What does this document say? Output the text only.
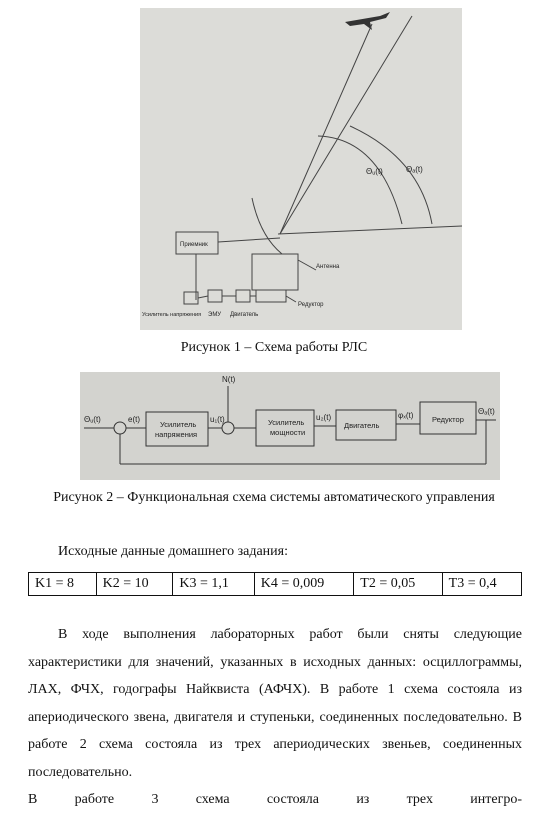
Приемник
Антенна
Усилитель напряжения ЭМУ Двигатель
Редуктор
Θᵤ(t)	Θₐ(t)
Рисунок 1 – Схема работы РЛС
Θᵤ(t)	e(t)
N(t)
u₁(t)	u₂(t)	φₓ(t)	Θₐ(t)
Усилитель
напряжения
Усилитель
мощности
Двигатель
Редуктор
Рисунок 2 – Функциональная схема системы автоматического управления
Исходные данные домашнего задания:
K1 = 8	K2 = 10	K3 = 1,1	K4 = 0,009	T2 = 0,05	T3 = 0,4
В ходе выполнения лабораторных работ были сняты следующие характеристики для значений, указанных в исходных данных: осциллограммы, ЛАХ, ФЧХ, годографы Найквиста (АФЧХ). В работе 1 схема состояла из апериодического звена, двигателя и ступеньки, соединенных последовательно. В работе 2 схема состояла из трех апериодических звеньев, соединенных последовательно.
В работе 3 схема состояла из трех интегро-
